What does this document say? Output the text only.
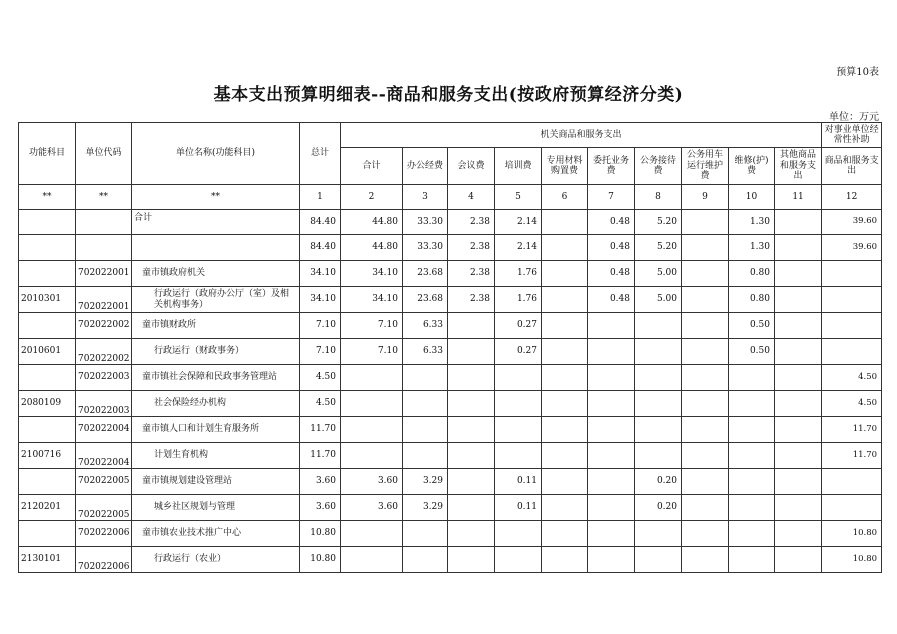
预算10表
基本支出预算明细表--商品和服务支出(按政府预算经济分类)
单位：万元
功能科目	单位代码	单位名称(功能科目)	总计	机关商品和服务支出										对事业单位经常性补助
				合计	办公经费	会议费	培训费	专用材料购置费	委托业务费	公务接待费	公务用车运行维护费	维修(护)费	其他商品和服务支出	商品和服务支出
**	**	**	1	2	3	4	5	6	7	8	9	10	11	12
		合计	84.40	44.80	33.30	2.38	2.14		0.48	5.20		1.30		39.60
			84.40	44.80	33.30	2.38	2.14		0.48	5.20		1.30		39.60
	702022001	童市镇政府机关	34.10	34.10	23.68	2.38	1.76		0.48	5.00		0.80		
2010301	702022001	行政运行（政府办公厅（室）及相关机构事务）	34.10	34.10	23.68	2.38	1.76		0.48	5.00		0.80		
	702022002	童市镇财政所	7.10	7.10	6.33		0.27					0.50		
2010601	702022002	行政运行（财政事务）	7.10	7.10	6.33		0.27					0.50		
	702022003	童市镇社会保障和民政事务管理站	4.50											4.50
2080109	702022003	社会保险经办机构	4.50											4.50
	702022004	童市镇人口和计划生育服务所	11.70											11.70
2100716	702022004	计划生育机构	11.70											11.70
	702022005	童市镇规划建设管理站	3.60	3.60	3.29		0.11			0.20				
2120201	702022005	城乡社区规划与管理	3.60	3.60	3.29		0.11			0.20				
	702022006	童市镇农业技术推广中心	10.80											10.80
2130101	702022006	行政运行（农业）	10.80											10.80
